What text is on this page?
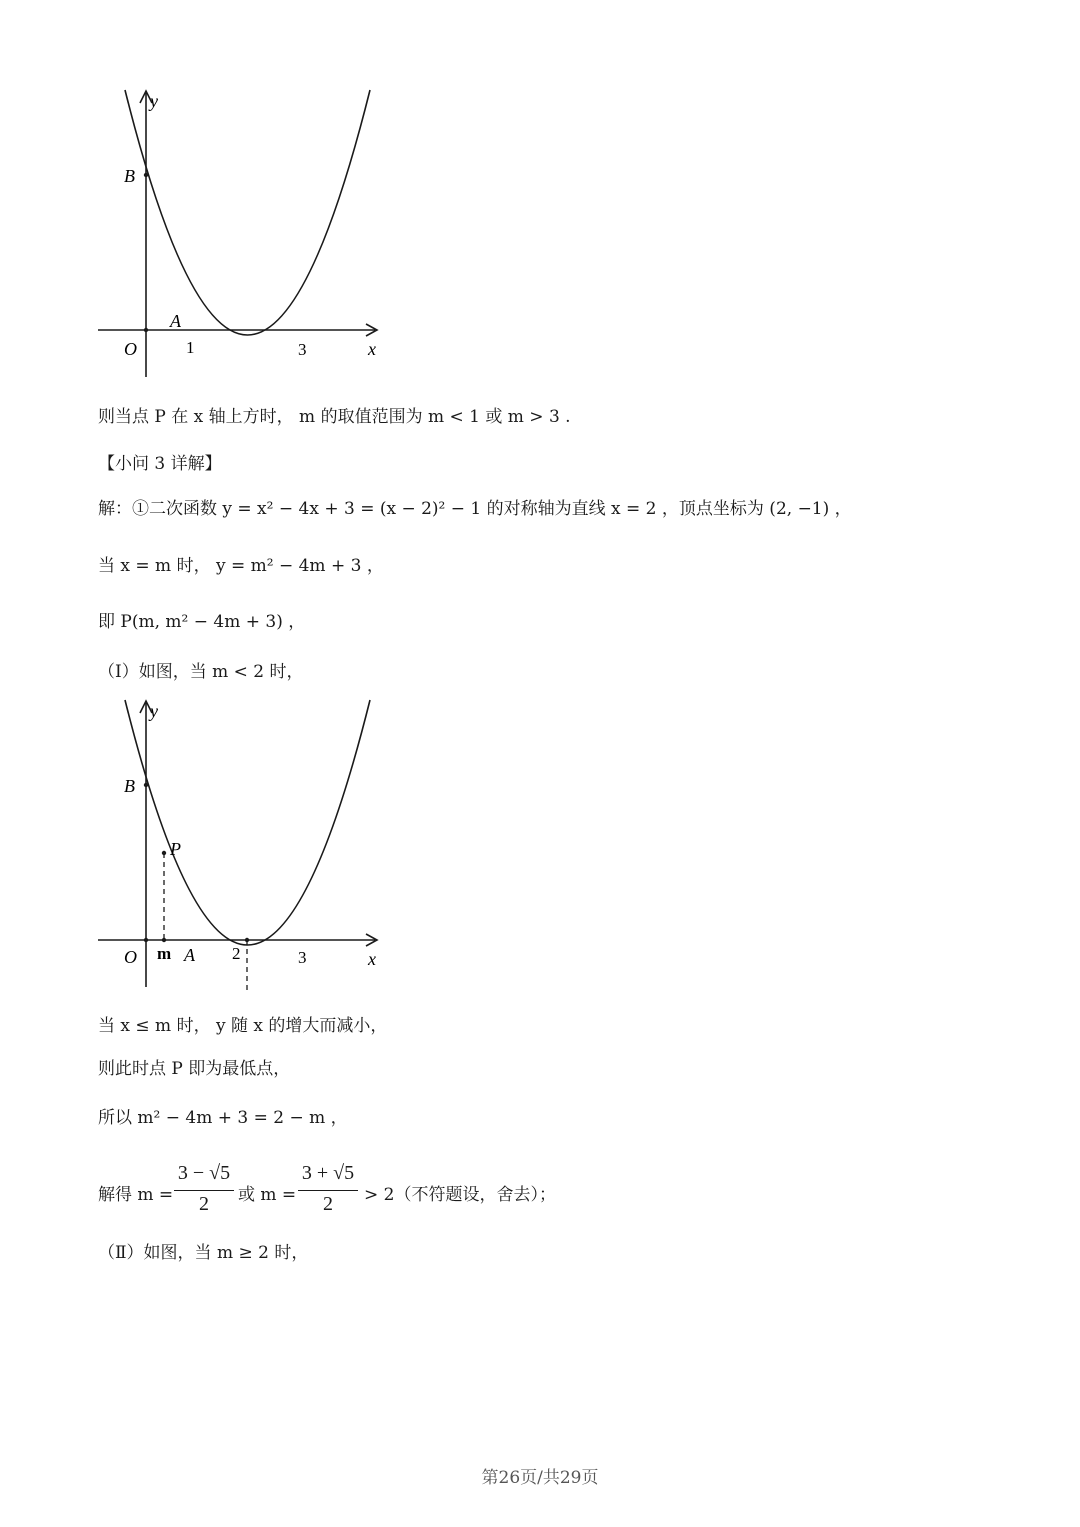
y
x
B
O
A
1	3
则当点 P 在 x 轴上方时， m 的取值范围为 m < 1 或 m > 3 .
【小问 3 详解】
解：①二次函数 y = x² − 4x + 3 = (x − 2)² − 1 的对称轴为直线 x = 2 ，顶点坐标为 (2, −1) ，
当 x = m 时， y = m² − 4m + 3 ，
即 P(m, m² − 4m + 3) ，
（Ⅰ）如图，当 m < 2 时，
y
x
B
P
O m A 2	3
当 x ≤ m 时， y 随 x 的增大而减小，
则此时点 P 即为最低点，
所以 m² − 4m + 3 = 2 − m ，
解得 m =
3 − √5
2	或 m =
3 + √5
2	> 2（不符题设，舍去）；
（Ⅱ）如图，当 m ≥ 2 时，
第26页/共29页
